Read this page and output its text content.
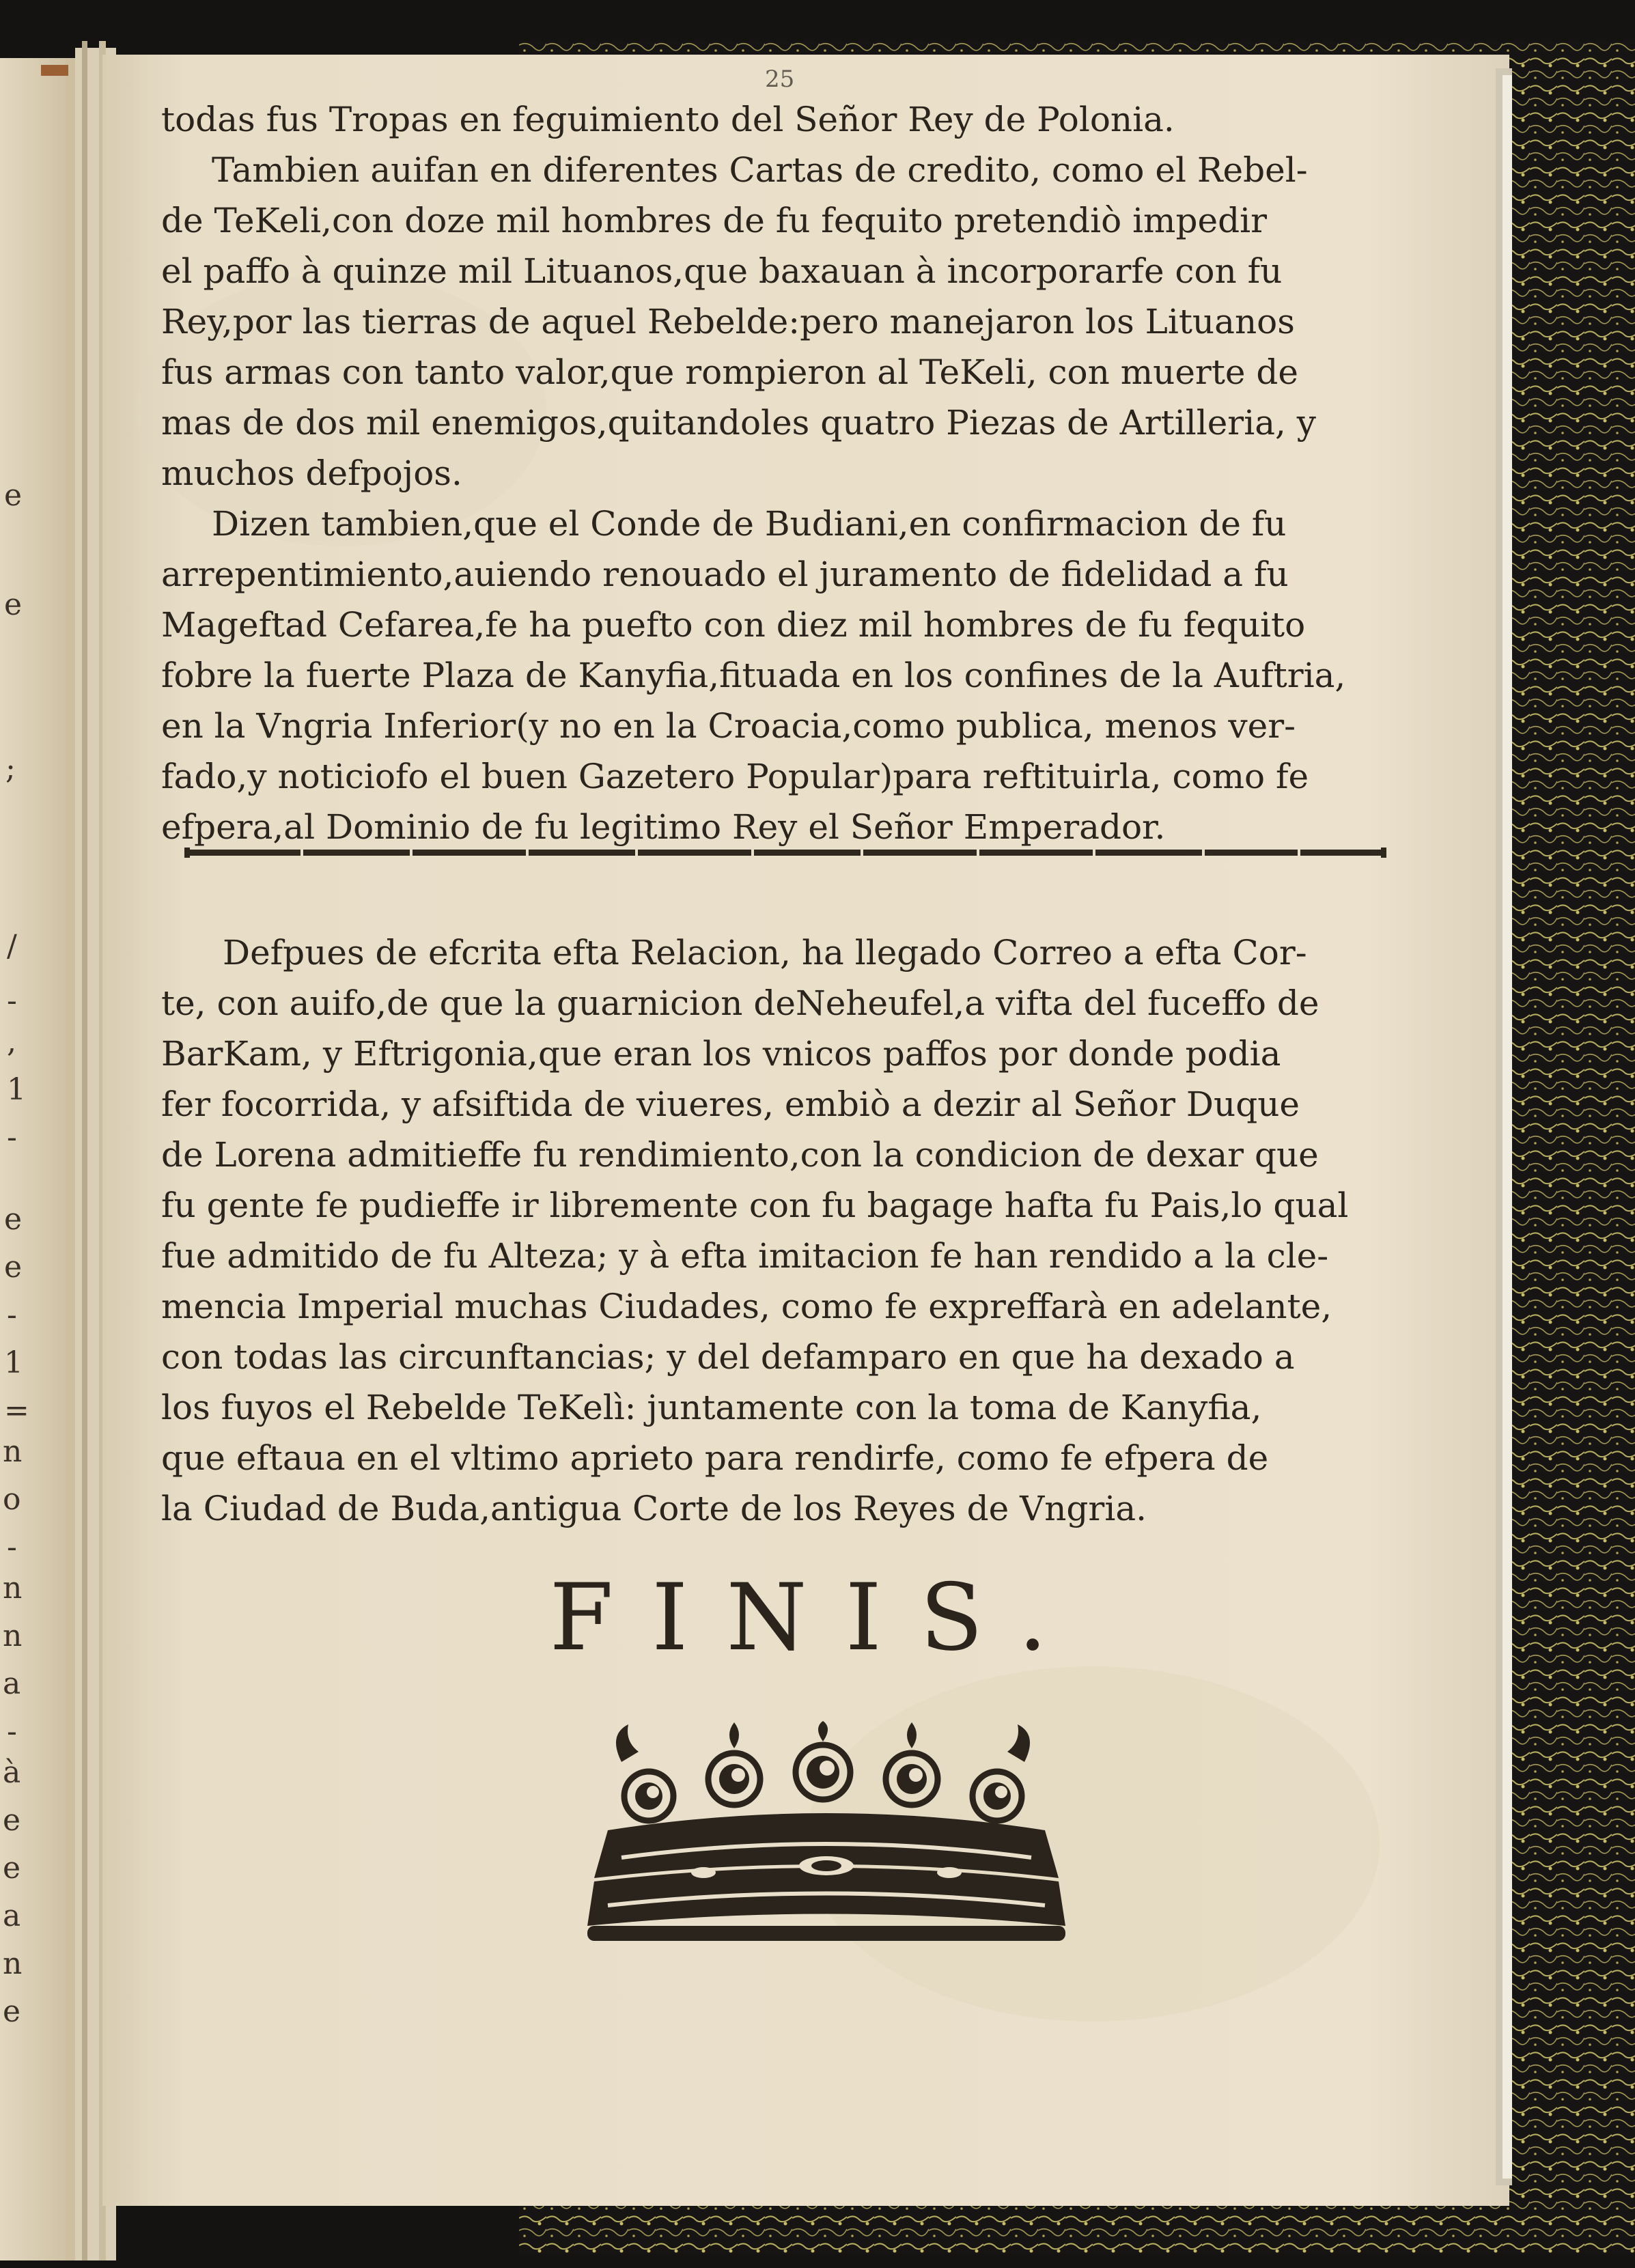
25
e
e
;
/
-
,
1
-
e
e
-
1
=
n
o
-
n
n
a
-
à
e
e
a
n
e
todas fus Tropas en feguimiento del Señor Rey de Polonia.
Tambien auifan en diferentes Cartas de credito, como el Rebel-
de TeKeli,con doze mil hombres de fu fequito pretendiò impedir
el paffo à quinze mil Lituanos,que baxauan à incorporarfe con fu
Rey,por las tierras de aquel Rebelde:pero manejaron los Lituanos
fus armas con tanto valor,que rompieron al TeKeli, con muerte de
mas de dos mil enemigos,quitandoles quatro Piezas de Artilleria, y
muchos defpojos.
Dizen tambien,que el Conde de Budiani,en confirmacion de fu
arrepentimiento,auiendo renouado el juramento de fidelidad a fu
Mageftad Cefarea,fe ha puefto con diez mil hombres de fu fequito
fobre la fuerte Plaza de Kanyfia,fituada en los confines de la Auftria,
en la Vngria Inferior(y no en la Croacia,como publica, menos ver-
fado,y noticiofo el buen Gazetero Popular)para reftituirla, como fe
efpera,al Dominio de fu legitimo Rey el Señor Emperador.
Defpues de efcrita efta Relacion, ha llegado Correo a efta Cor-
te, con auifo,de que la guarnicion deNeheufel,a vifta del fuceffo de
BarKam, y Eftrigonia,que eran los vnicos paffos por donde podia
fer focorrida, y afsiftida de viueres, embiò a dezir al Señor Duque
de Lorena admitieffe fu rendimiento,con la condicion de dexar que
fu gente fe pudieffe ir libremente con fu bagage hafta fu Pais,lo qual
fue admitido de fu Alteza; y à efta imitacion fe han rendido a la cle-
mencia Imperial muchas Ciudades, como fe expreffarà en adelante,
con todas las circunftancias; y del defamparo en que ha dexado a
los fuyos el Rebelde TeKelì: juntamente con la toma de Kanyfia,
que eftaua en el vltimo aprieto para rendirfe, como fe efpera de
la Ciudad de Buda,antigua Corte de los Reyes de Vngria.
FINIS.
